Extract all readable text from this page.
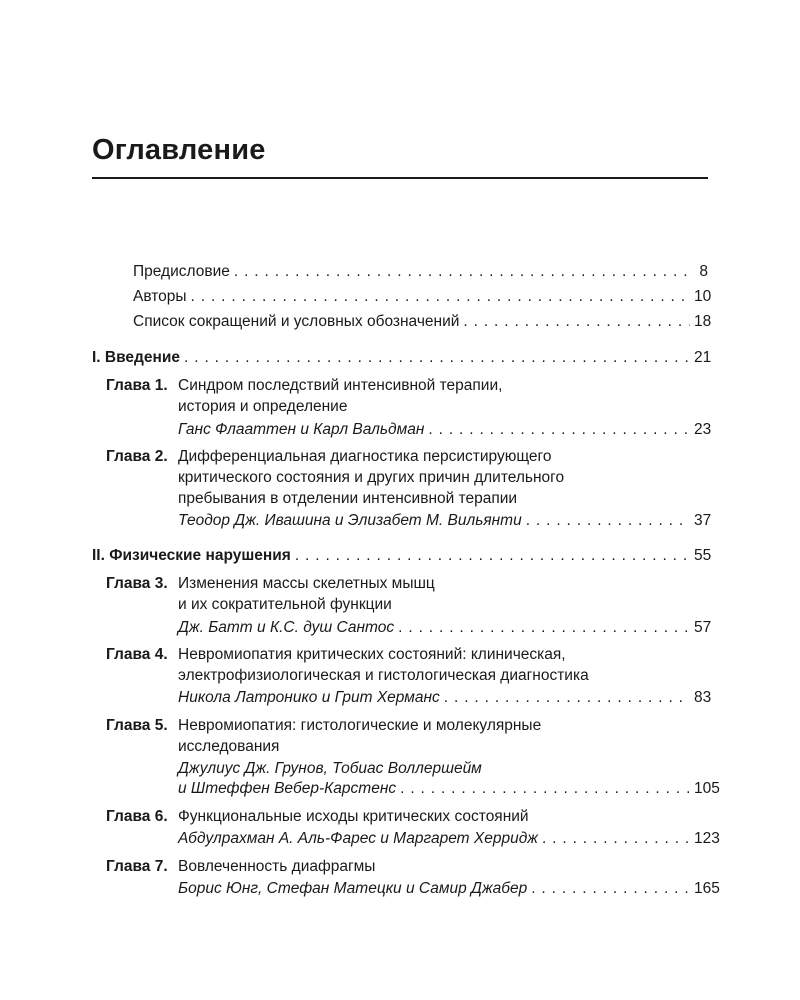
Оглавление
Предисловие . . .	8
Авторы . . .	10
Список сокращений и условных обозначений . . .	18
I. Введение . . .	21
Глава 1. Синдром последствий интенсивной терапии,
история и определение
Ганс Флааттен и Карл Вальдман . . .	23
Глава 2. Дифференциальная диагностика персистирующего
критического состояния и других причин длительного
пребывания в отделении интенсивной терапии
Теодор Дж. Ивашина и Элизабет М. Вильянти . . .	37
II. Физические нарушения . . .	55
Глава 3. Изменения массы скелетных мышц
и их сократительной функции
Дж. Батт и К.С. душ Сантос . . .	57
Глава 4. Невромиопатия критических состояний: клиническая,
электрофизиологическая и гистологическая диагностика
Никола Латронико и Грит Херманс . . .	83
Глава 5. Невромиопатия: гистологические и молекулярные
исследования
Джулиус Дж. Грунов, Тобиас Воллершейм
и Штеффен Вебер-Карстенс . . .	105
Глава 6. Функциональные исходы критических состояний
Абдулрахман А. Аль-Фарес и Маргарет Херридж . . .	123
Глава 7. Вовлеченность диафрагмы
Борис Юнг, Стефан Матецки и Самир Джабер . . .	165
